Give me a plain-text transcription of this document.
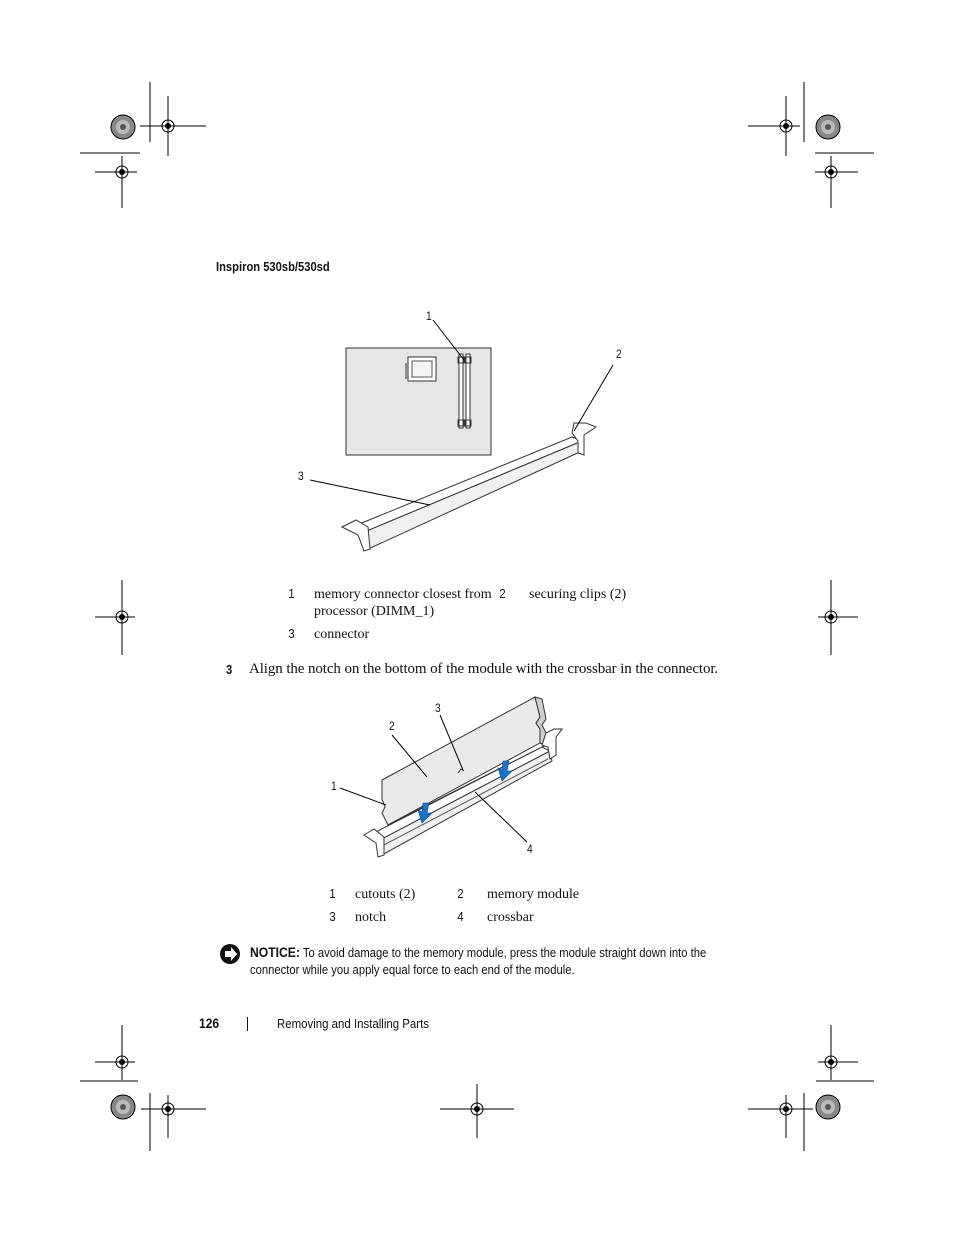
Inspiron 530sb/530sd
1
2
3
1	memory connector closest from processor (DIMM_1)	2	securing clips (2)
3	connector		
3 Align the notch on the bottom of the module with the crossbar in the connector.
1
2
3
4
1	cutouts (2)	2	memory module
3	notch	4	crossbar
NOTICE: To avoid damage to the memory module, press the module straight down into the connector while you apply equal force to each end of the module.
126	Removing and Installing Parts
